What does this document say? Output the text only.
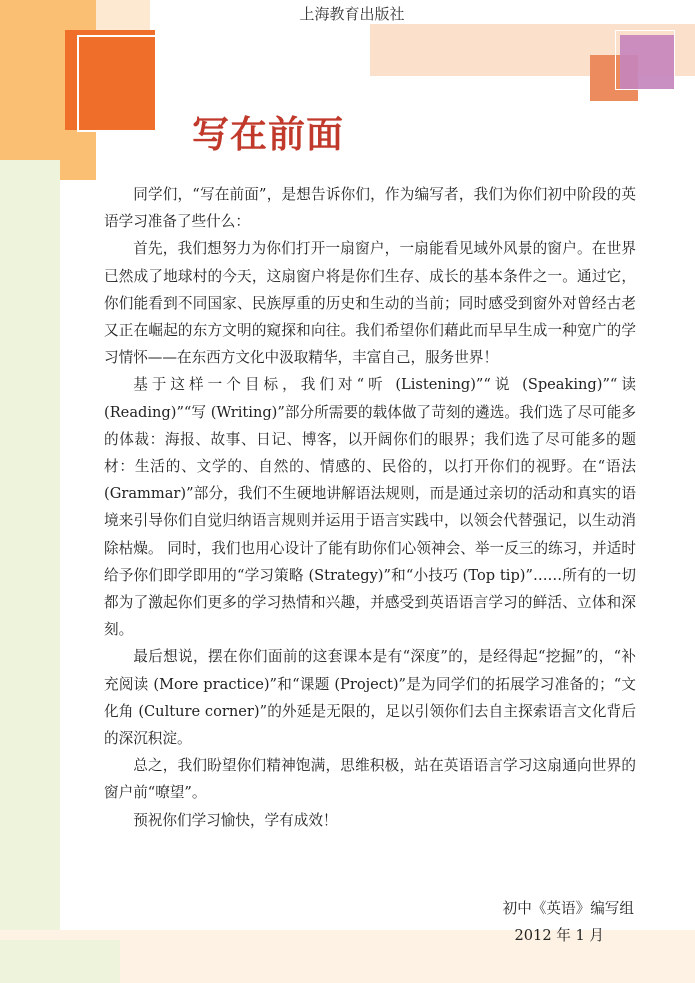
上海教育出版社
写在前面

同学们，“写在前面”，是想告诉你们，作为编写者，我们为你们初中阶段的英语学习准备了些什么：

首先，我们想努力为你们打开一扇窗户，一扇能看见域外风景的窗户。在世界已然成了地球村的今天，这扇窗户将是你们生存、成长的基本条件之一。通过它，你们能看到不同国家、民族厚重的历史和生动的当前；同时感受到窗外对曾经古老又正在崛起的东方文明的窥探和向往。我们希望你们藉此而早早生成一种宽广的学习情怀——在东西方文化中汲取精华，丰富自己，服务世界！

基于这样一个目标，我们对“听 (Listening)”“说 (Speaking)”“读 (Reading)”“写 (Writing)”部分所需要的载体做了苛刻的遴选。我们选了尽可能多的体裁：海报、故事、日记、博客，以开阔你们的眼界；我们选了尽可能多的题材：生活的、文学的、自然的、情感的、民俗的，以打开你们的视野。在“语法 (Grammar)”部分，我们不生硬地讲解语法规则，而是通过亲切的活动和真实的语境来引导你们自觉归纳语言规则并运用于语言实践中，以领会代替强记，以生动消除枯燥。 同时，我们也用心设计了能有助你们心领神会、举一反三的练习，并适时给予你们即学即用的“学习策略 (Strategy)”和“小技巧 (Top tip)”……所有的一切都为了激起你们更多的学习热情和兴趣，并感受到英语语言学习的鲜活、立体和深刻。

最后想说，摆在你们面前的这套课本是有“深度”的，是经得起“挖掘”的，“补充阅读 (More practice)”和“课题 (Project)”是为同学们的拓展学习准备的；“文化角 (Culture corner)”的外延是无限的，足以引领你们去自主探索语言文化背后的深沉积淀。

总之，我们盼望你们精神饱满，思维积极，站在英语语言学习这扇通向世界的窗户前“嘹望”。

预祝你们学习愉快，学有成效！

初中《英语》编写组
2012 年 1 月
